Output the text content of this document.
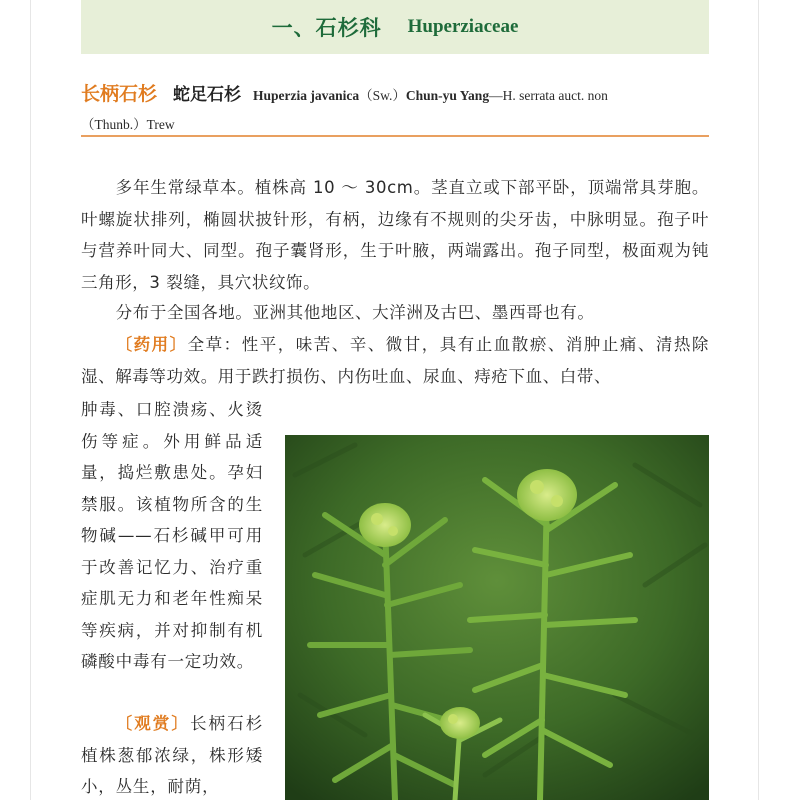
一、石杉科 Huperziaceae
长柄石杉 蛇足石杉 Huperzia javanica（Sw.）Chun-yu Yang—H. serrata auct. non
（Thunb.）Trew

多年生常绿草本。植株高 10 ～ 30cm。茎直立或下部平卧，顶端常具芽胞。叶螺旋状排列，椭圆状披针形，有柄，边缘有不规则的尖牙齿，中脉明显。孢子叶与营养叶同大、同型。孢子囊肾形，生于叶腋，两端露出。孢子同型，极面观为钝三角形，3 裂缝，具穴状纹饰。

分布于全国各地。亚洲其他地区、大洋洲及古巴、墨西哥也有。

〔药用〕全草：性平，味苦、辛、微甘，具有止血散瘀、消肿止痛、清热除湿、解毒等功效。用于跌打损伤、内伤吐血、尿血、痔疮下血、白带、

肿毒、口腔溃疡、火烫伤等症。外用鲜品适量，捣烂敷患处。孕妇禁服。该植物所含的生物碱——石杉碱甲可用于改善记忆力、治疗重症肌无力和老年性痴呆等疾病，并对抑制有机磷酸中毒有一定功效。

〔观赏〕长柄石杉植株葱郁浓绿，株形矮小，丛生，耐荫，
